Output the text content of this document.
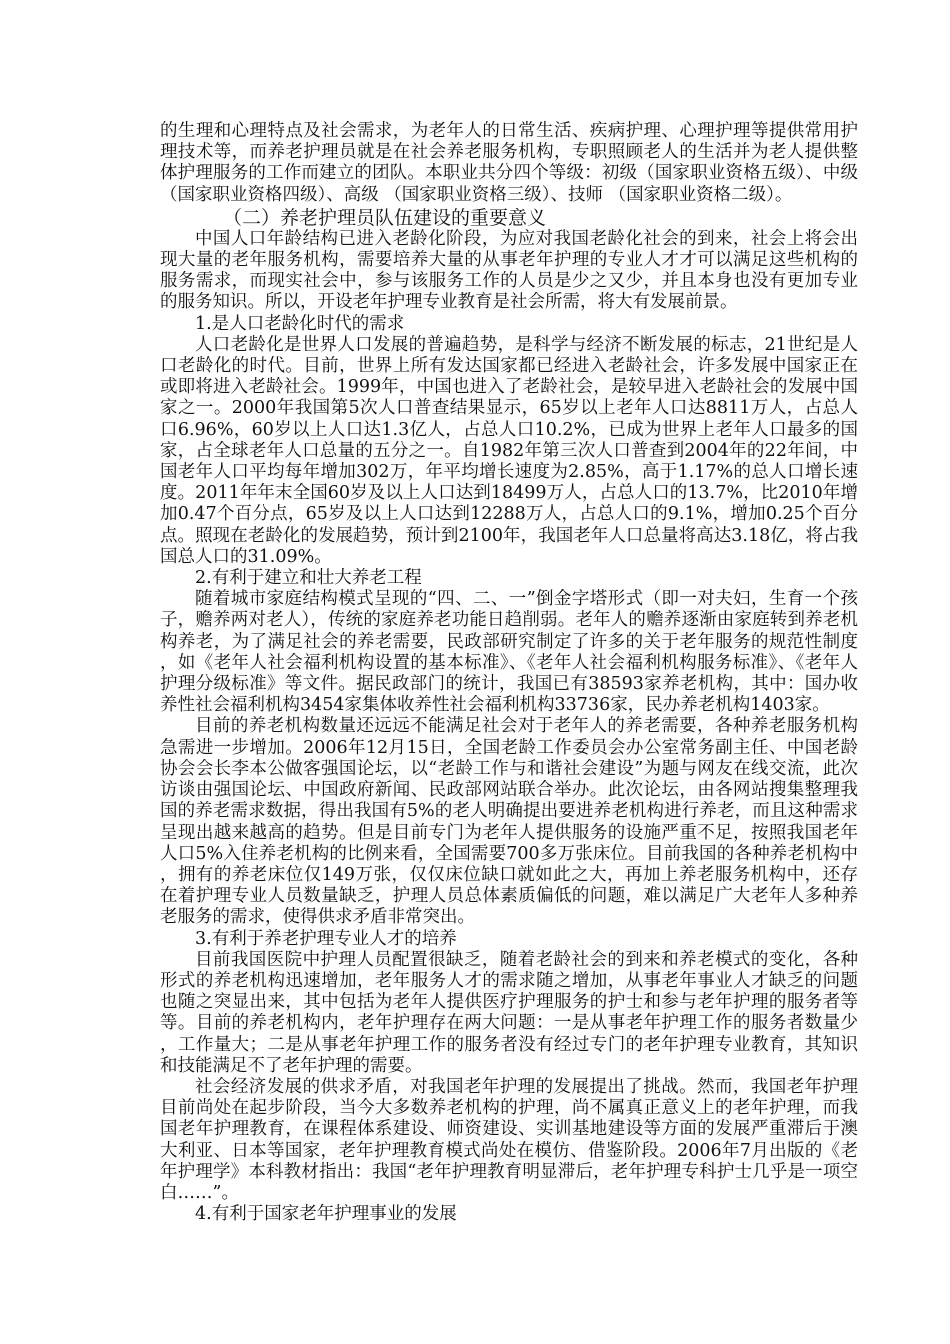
的生理和心理特点及社会需求，为老年人的日常生活、疾病护理、心理护理等提供常用护理技术等，而养老护理员就是在社会养老服务机构，专职照顾老人的生活并为老人提供整体护理服务的工作而建立的团队。本职业共分四个等级：初级（国家职业资格五级）、中级 （国家职业资格四级）、高级 （国家职业资格三级）、技师 （国家职业资格二级）。

（二）养老护理员队伍建设的重要意义

中国人口年龄结构已进入老龄化阶段，为应对我国老龄化社会的到来，社会上将会出现大量的老年服务机构，需要培养大量的从事老年护理的专业人才才可以满足这些机构的服务需求，而现实社会中，参与该服务工作的人员是少之又少，并且本身也没有更加专业的服务知识。所以，开设老年护理专业教育是社会所需，将大有发展前景。

1.是人口老龄化时代的需求

人口老龄化是世界人口发展的普遍趋势，是科学与经济不断发展的标志，21世纪是人口老龄化的时代。目前，世界上所有发达国家都已经进入老龄社会，许多发展中国家正在或即将进入老龄社会。1999年，中国也进入了老龄社会，是较早进入老龄社会的发展中国家之一。2000年我国第5次人口普查结果显示，65岁以上老年人口达8811万人，占总人口6.96%，60岁以上人口达1.3亿人，占总人口10.2%，已成为世界上老年人口最多的国家，占全球老年人口总量的五分之一。自1982年第三次人口普查到2004年的22年间，中国老年人口平均每年增加302万，年平均增长速度为2.85%，高于1.17%的总人口增长速度。2011年年末全国60岁及以上人口达到18499万人，占总人口的13.7%，比2010年增加0.47个百分点，65岁及以上人口达到12288万人，占总人口的9.1%，增加0.25个百分点。照现在老龄化的发展趋势，预计到2100年，我国老年人口总量将高达3.18亿，将占我国总人口的31.09%。

2.有利于建立和壮大养老工程

随着城市家庭结构模式呈现的“四、二、一”倒金字塔形式（即一对夫妇，生育一个孩子，赡养两对老人），传统的家庭养老功能日趋削弱。老年人的赡养逐渐由家庭转到养老机构养老，为了满足社会的养老需要，民政部研究制定了许多的关于老年服务的规范性制度，如《老年人社会福利机构设置的基本标准》、《老年人社会福利机构服务标准》、《老年人护理分级标准》等文件。据民政部门的统计，我国已有38593家养老机构，其中：国办收养性社会福利机构3454家集体收养性社会福利机构33736家，民办养老机构1403家。

目前的养老机构数量还远远不能满足社会对于老年人的养老需要，各种养老服务机构急需进一步增加。2006年12月15日，全国老龄工作委员会办公室常务副主任、中国老龄协会会长李本公做客强国论坛，以“老龄工作与和谐社会建设”为题与网友在线交流，此次访谈由强国论坛、中国政府新闻、民政部网站联合举办。此次论坛，由各网站搜集整理我国的养老需求数据，得出我国有5%的老人明确提出要进养老机构进行养老，而且这种需求呈现出越来越高的趋势。但是目前专门为老年人提供服务的设施严重不足，按照我国老年人口5%入住养老机构的比例来看，全国需要700多万张床位。目前我国的各种养老机构中，拥有的养老床位仅149万张，仅仅床位缺口就如此之大，再加上养老服务机构中，还存在着护理专业人员数量缺乏，护理人员总体素质偏低的问题，难以满足广大老年人多种养老服务的需求，使得供求矛盾非常突出。

3.有利于养老护理专业人才的培养

目前我国医院中护理人员配置很缺乏，随着老龄社会的到来和养老模式的变化，各种形式的养老机构迅速增加，老年服务人才的需求随之增加，从事老年事业人才缺乏的问题也随之突显出来，其中包括为老年人提供医疗护理服务的护士和参与老年护理的服务者等等。目前的养老机构内，老年护理存在两大问题：一是从事老年护理工作的服务者数量少，工作量大；二是从事老年护理工作的服务者没有经过专门的老年护理专业教育，其知识和技能满足不了老年护理的需要。

社会经济发展的供求矛盾，对我国老年护理的发展提出了挑战。然而，我国老年护理目前尚处在起步阶段，当今大多数养老机构的护理，尚不属真正意义上的老年护理，而我国老年护理教育，在课程体系建设、师资建设、实训基地建设等方面的发展严重滞后于澳大利亚、日本等国家，老年护理教育模式尚处在模仿、借鉴阶段。2006年7月出版的《老年护理学》本科教材指出：我国“老年护理教育明显滞后，老年护理专科护士几乎是一项空白……”。

4.有利于国家老年护理事业的发展
